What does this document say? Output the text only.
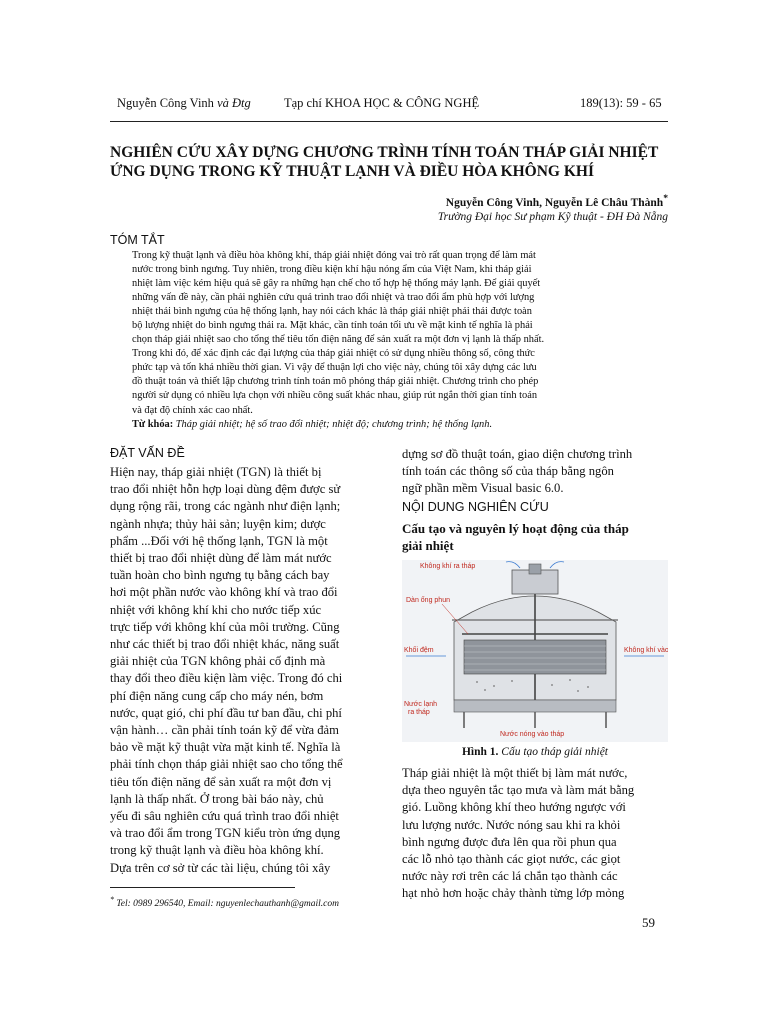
Nguyễn Công Vinh và Đtg	Tạp chí KHOA HỌC & CÔNG NGHỆ	189(13): 59 - 65
NGHIÊN CỨU XÂY DỰNG CHƯƠNG TRÌNH TÍNH TOÁN THÁP GIẢI NHIỆT
ỨNG DỤNG TRONG KỸ THUẬT LẠNH VÀ ĐIỀU HÒA KHÔNG KHÍ
Nguyễn Công Vinh, Nguyễn Lê Châu Thành*
Trường Đại học Sư phạm Kỹ thuật - ĐH Đà Nẵng
TÓM TẮT
Trong kỹ thuật lạnh và điều hòa không khí, tháp giải nhiệt đóng vai trò rất quan trọng để làm mát
nước trong bình ngưng. Tuy nhiên, trong điều kiện khí hậu nóng ẩm của Việt Nam, khi tháp giải
nhiệt làm việc kém hiệu quả sẽ gây ra những hạn chế cho tổ hợp hệ thống máy lạnh. Để giải quyết
những vấn đề này, cần phải nghiên cứu quá trình trao đổi nhiệt và trao đổi ẩm phù hợp với lượng
nhiệt thải bình ngưng của hệ thống lạnh, hay nói cách khác là tháp giải nhiệt phải thải được toàn
bộ lượng nhiệt do bình ngưng thải ra. Mặt khác, cần tính toán tối ưu về mặt kinh tế nghĩa là phải
chọn tháp giải nhiệt sao cho tổng thể tiêu tốn điện năng để sản xuất ra một đơn vị lạnh là thấp nhất.
Trong khi đó, để xác định các đại lượng của tháp giải nhiệt có sử dụng nhiều thông số, công thức
phức tạp và tốn khá nhiều thời gian. Vì vậy để thuận lợi cho việc này, chúng tôi xây dựng các lưu
đồ thuật toán và thiết lập chương trình tính toán mô phỏng tháp giải nhiệt. Chương trình cho phép
người sử dụng có nhiều lựa chọn với nhiều công suất khác nhau, giúp rút ngắn thời gian tính toán
và đạt độ chính xác cao nhất.
Từ khóa: Tháp giải nhiệt; hệ số trao đổi nhiệt; nhiệt độ; chương trình; hệ thống lạnh.
ĐẶT VẤN ĐỀ
Hiện nay, tháp giải nhiệt (TGN) là thiết bị
trao đổi nhiệt hỗn hợp loại dùng đệm được sử
dụng rộng rãi, trong các ngành như điện lạnh;
ngành nhựa; thủy hải sản; luyện kim; dược
phẩm ...Đối với hệ thống lạnh, TGN là một
thiết bị trao đổi nhiệt dùng để làm mát nước
tuần hoàn cho bình ngưng tụ bằng cách bay
hơi một phần nước vào không khí và trao đổi
nhiệt với không khí khi cho nước tiếp xúc
trực tiếp với không khí của môi trường. Cũng
như các thiết bị trao đổi nhiệt khác, năng suất
giải nhiệt của TGN không phải cố định mà
thay đổi theo điều kiện làm việc. Trong đó chi
phí điện năng cung cấp cho máy nén, bơm
nước, quạt gió, chi phí đầu tư ban đầu, chi phí
vận hành… cần phải tính toán kỹ để vừa đảm
bảo về mặt kỹ thuật vừa mặt kinh tế. Nghĩa là
phải tính chọn tháp giải nhiệt sao cho tổng thể
tiêu tốn điện năng để sản xuất ra một đơn vị
lạnh là thấp nhất. Ở trong bài báo này, chủ
yếu đi sâu nghiên cứu quá trình trao đổi nhiệt
và trao đổi ẩm trong TGN kiểu tròn ứng dụng
trong kỹ thuật lạnh và điều hòa không khí.
Dựa trên cơ sở từ các tài liệu, chúng tôi xây
dựng sơ đồ thuật toán, giao diện chương trình
tính toán các thông số của tháp bằng ngôn
ngữ phần mềm Visual basic 6.0.
NỘI DUNG NGHIÊN CỨU
Cấu tạo và nguyên lý hoạt động của tháp
giải nhiệt
Không khí ra tháp
Dàn ống phun
Khối đệm	Không khí vào
Nước lạnh
ra tháp
Nước nóng vào tháp
Hình 1. Cấu tạo tháp giải nhiệt
Tháp giải nhiệt là một thiết bị làm mát nước,
dựa theo nguyên tắc tạo mưa và làm mát bằng
gió. Luồng không khí theo hướng ngược với
lưu lượng nước. Nước nóng sau khi ra khỏi
bình ngưng được đưa lên qua rồi phun qua
các lỗ nhỏ tạo thành các giọt nước, các giọt
nước này rơi trên các lá chắn tạo thành các
hạt nhỏ hơn hoặc chảy thành từng lớp mỏng
* Tel: 0989 296540, Email: nguyenlechauthanh@gmail.com
59
